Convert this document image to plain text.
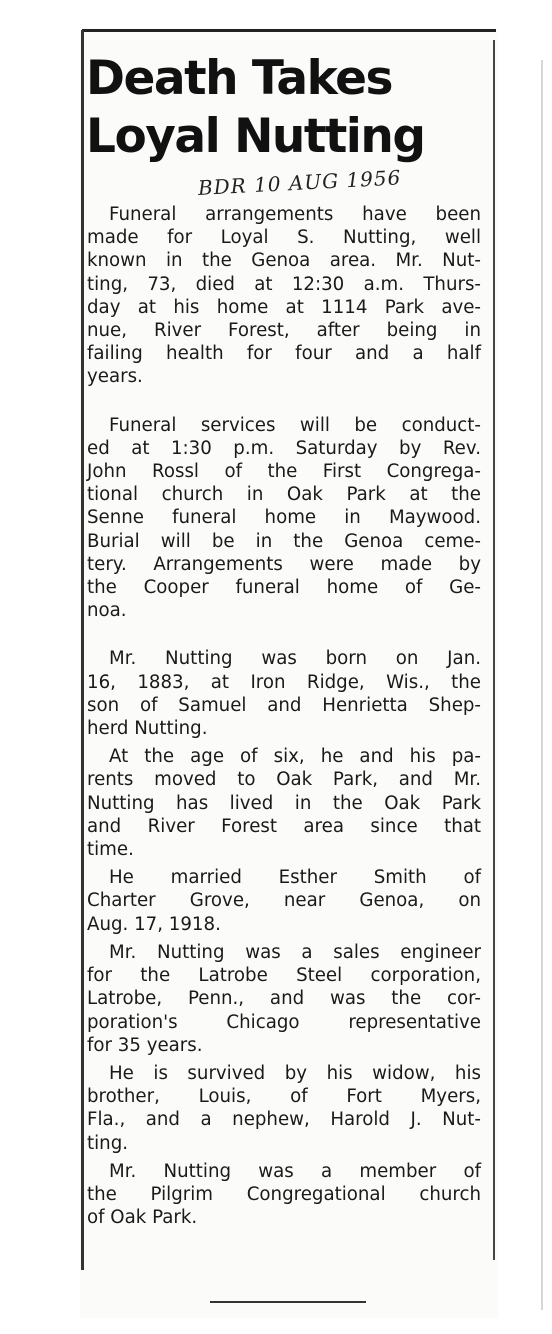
Death Takes
Loyal Nutting
BDR 10 AUG 1956
Funeral arrangements have been
made for Loyal S. Nutting, well
known in the Genoa area. Mr. Nut-
ting, 73, died at 12:30 a.m. Thurs-
day at his home at 1114 Park ave-
nue, River Forest, after being in
failing health for four and a half
years.
Funeral services will be conduct-
ed at 1:30 p.m. Saturday by Rev.
John Rossl of the First Congrega-
tional church in Oak Park at the
Senne funeral home in Maywood.
Burial will be in the Genoa ceme-
tery. Arrangements were made by
the Cooper funeral home of Ge-
noa.
Mr. Nutting was born on Jan.
16, 1883, at Iron Ridge, Wis., the
son of Samuel and Henrietta Shep-
herd Nutting.
At the age of six, he and his pa-
rents moved to Oak Park, and Mr.
Nutting has lived in the Oak Park
and River Forest area since that
time.
He married Esther Smith of
Charter Grove, near Genoa, on
Aug. 17, 1918.
Mr. Nutting was a sales engineer
for the Latrobe Steel corporation,
Latrobe, Penn., and was the cor-
poration's Chicago representative
for 35 years.
He is survived by his widow, his
brother, Louis, of Fort Myers,
Fla., and a nephew, Harold J. Nut-
ting.
Mr. Nutting was a member of
the Pilgrim Congregational church
of Oak Park.
